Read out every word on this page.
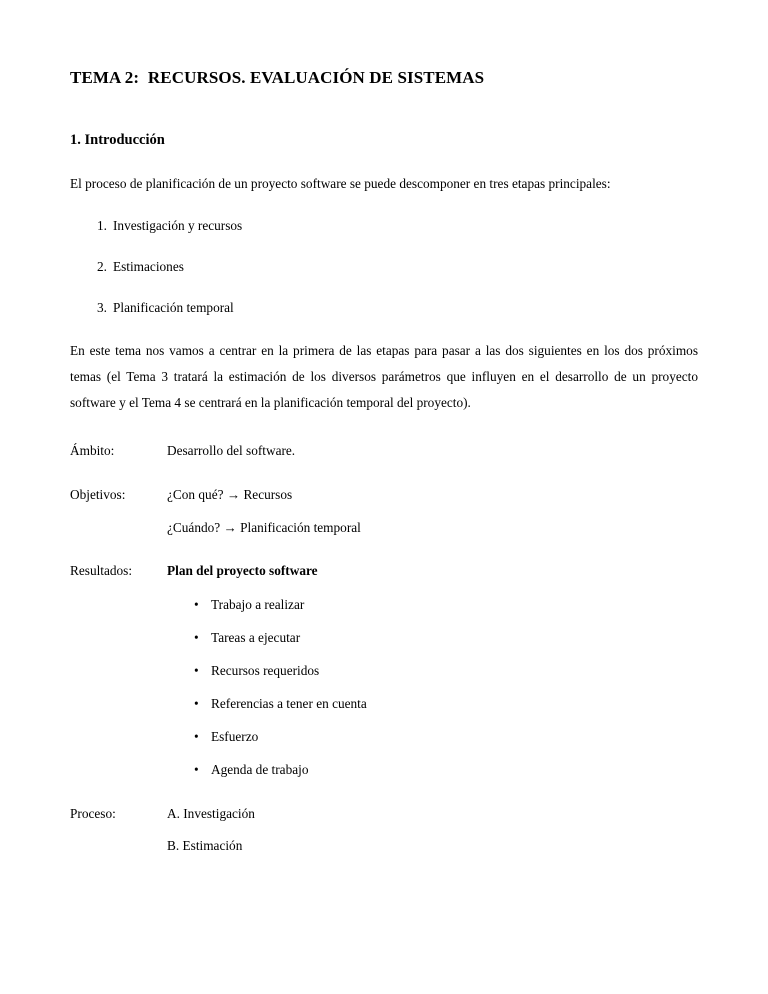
TEMA 2:  RECURSOS. EVALUACIÓN DE SISTEMAS
1. Introducción

El proceso de planificación de un proyecto software se puede descomponer en tres etapas principales:

1. Investigación y recursos
2. Estimaciones
3. Planificación temporal

En este tema nos vamos a centrar en la primera de las etapas para pasar a las dos siguientes en los dos próximos temas (el Tema 3 tratará la estimación de los diversos parámetros que influyen en el desarrollo de un proyecto software y el Tema 4 se centrará en la planificación temporal del proyecto).

Ámbito:	Desarrollo del software.
Objetivos:	¿Con qué? → Recursos
¿Cuándo? → Planificación temporal
Resultados:	Plan del proyecto software
• Trabajo a realizar
• Tareas a ejecutar
• Recursos requeridos
• Referencias a tener en cuenta
• Esfuerzo
• Agenda de trabajo
Proceso:	A. Investigación
B. Estimación
